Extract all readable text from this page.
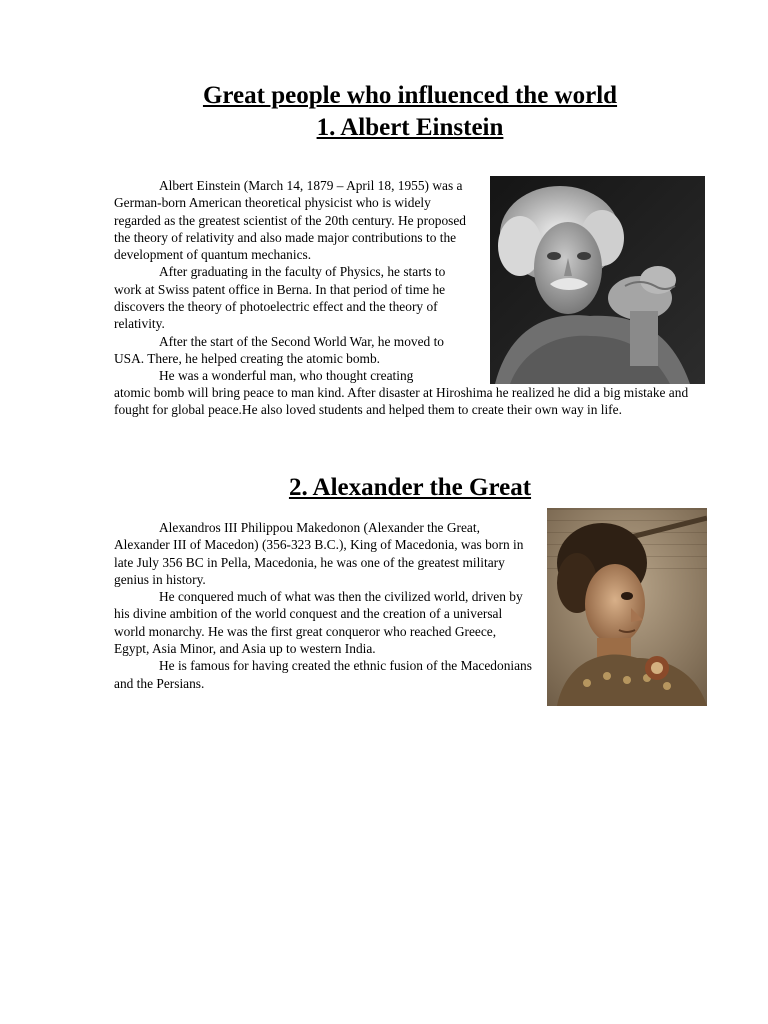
Great people who influenced the world
1. Albert Einstein

Albert Einstein (March 14, 1879 – April 18, 1955) was a German-born American theoretical physicist who is widely regarded as the greatest scientist of the 20th century. He proposed the theory of relativity and also made major contributions to the development of quantum mechanics.

After graduating in the faculty of Physics, he starts to work at Swiss patent office in Berna. In that period of time he discovers the theory of photoelectric effect and the theory of relativity.

After the start of the Second World War, he moved to USA. There, he helped creating the atomic bomb.

He was a wonderful man, who thought creating

atomic bomb will bring peace to man kind. After disaster at Hiroshima he realized he did a big mistake and fought for global peace.He also loved students and helped them to create their own way in life.

2. Alexander the Great

Alexandros III Philippou Makedonon (Alexander the Great, Alexander III of Macedon) (356-323 B.C.), King of Macedonia, was born in late July 356 BC in Pella, Macedonia, he was one of the greatest military genius in history.

He conquered much of what was then the civilized world, driven by his divine ambition of the world conquest and the creation of a universal world monarchy. He was the first great conqueror who reached Greece, Egypt, Asia Minor, and Asia up to western India.

He is famous for having created the ethnic fusion of the Macedonians and the Persians.
